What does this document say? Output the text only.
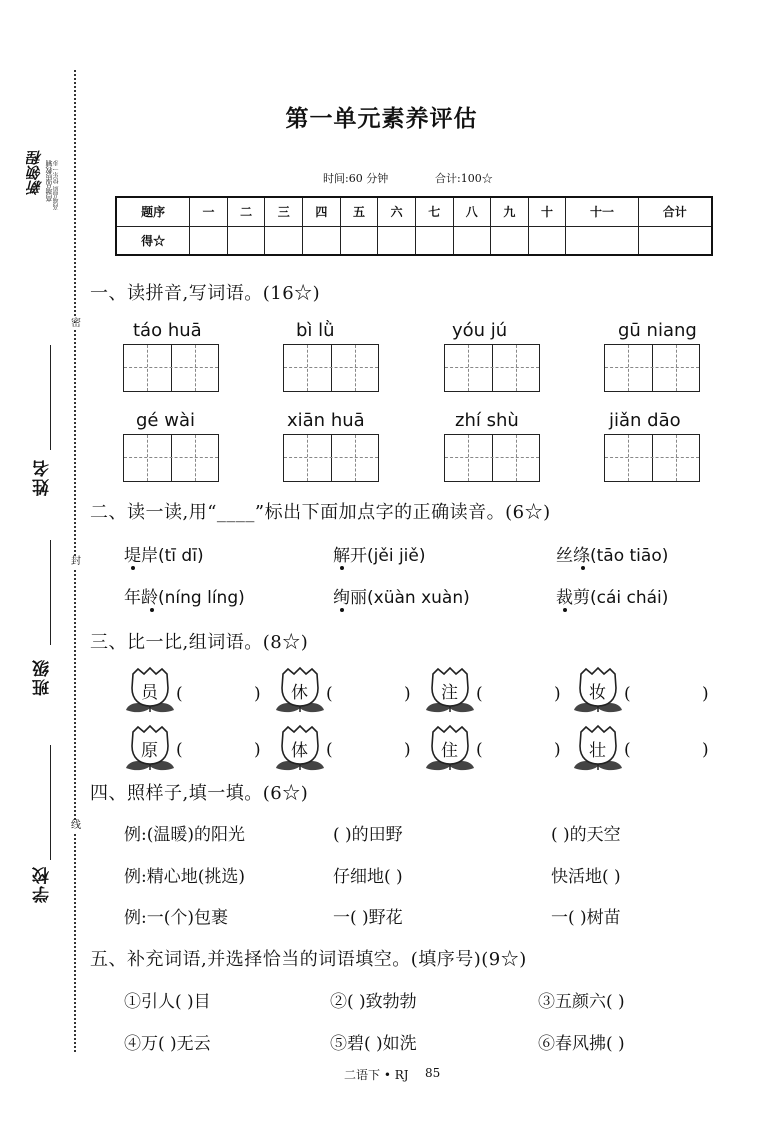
密
封
线
新领程 高端品质教辅 高端品质 快乐一步
姓名
班级
学校
第一单元素养评估
时间:60 分钟	合计:100☆
题序	一	二	三	四	五	六	七	八	九	十	十一	合计
得☆												
一、读拼音,写词语。(16☆)
táo huā	bì lǜ	yóu jú	gū niang
gé wài	xiān huā	zhí shù	jiǎn dāo
二、读一读,用“____”标出下面加点字的正确读音。(6☆)
堤岸(tī dī)	解开(jěi jiě)	丝绦(tāo tiāo)
年龄(níng líng)	绚丽(xüàn xuàn)	裁剪(cái chái)
三、比一比,组词语。(8☆)
员 (	) 休 (	) 注 (	) 妆 (	)
原 (	) 体 (	) 住 (	) 壮 (	)
四、照样子,填一填。(6☆)
例:(温暖)的阳光	( )的田野	( )的天空
例:精心地(挑选)	仔细地( )	快活地( )
例:一(个)包裹	一( )野花	一( )树苗
五、补充词语,并选择恰当的词语填空。(填序号)(9☆)
①引人( )目	②( )致勃勃	③五颜六( )
④万( )无云	⑤碧( )如洗	⑥春风拂( )
二语下 • RJ 85
